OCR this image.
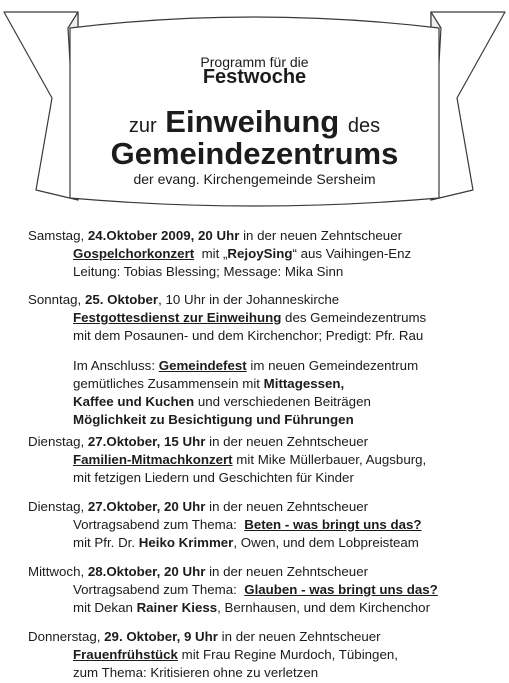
Programm für die

Festwoche

zur Einweihung des

Gemeindezentrums

der evang. Kirchengemeinde Sersheim

Samstag, 24.Oktober 2009, 20 Uhr in der neuen Zehntscheuer
Gospelchorkonzert mit „RejoySing“ aus Vaihingen-Enz
Leitung: Tobias Blessing; Message: Mika Sinn
Sonntag, 25. Oktober, 10 Uhr in der Johanneskirche
Festgottesdienst zur Einweihung des Gemeindezentrums
mit dem Posaunen- und dem Kirchenchor; Predigt: Pfr. Rau
Im Anschluss: Gemeindefest im neuen Gemeindezentrum
gemütliches Zusammensein mit Mittagessen,
Kaffee und Kuchen und verschiedenen Beiträgen
Möglichkeit zu Besichtigung und Führungen
Dienstag, 27.Oktober, 15 Uhr in der neuen Zehntscheuer
Familien-Mitmachkonzert mit Mike Müllerbauer, Augsburg,
mit fetzigen Liedern und Geschichten für Kinder
Dienstag, 27.Oktober, 20 Uhr in der neuen Zehntscheuer
Vortragsabend zum Thema: Beten - was bringt uns das?
mit Pfr. Dr. Heiko Krimmer, Owen, und dem Lobpreisteam
Mittwoch, 28.Oktober, 20 Uhr in der neuen Zehntscheuer
Vortragsabend zum Thema: Glauben - was bringt uns das?
mit Dekan Rainer Kiess, Bernhausen, und dem Kirchenchor
Donnerstag, 29. Oktober, 9 Uhr in der neuen Zehntscheuer
Frauenfrühstück mit Frau Regine Murdoch, Tübingen,
zum Thema: Kritisieren ohne zu verletzen
